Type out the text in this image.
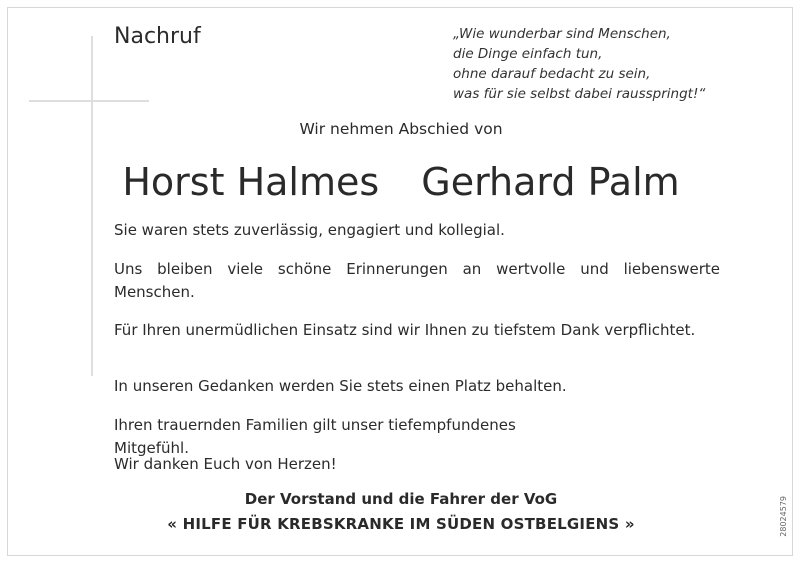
Nachruf	„Wie wunderbar sind Menschen,
die Dinge einfach tun,
ohne darauf bedacht zu sein,
was für sie selbst dabei rausspringt!“
Wir nehmen Abschied von
Horst Halmes Gerhard Palm
Sie waren stets zuverlässig, engagiert und kollegial.
Uns bleiben viele schöne Erinnerungen an wertvolle und liebenswerte Menschen.
Für Ihren unermüdlichen Einsatz sind wir Ihnen zu tiefstem Dank verpflichtet.
In unseren Gedanken werden Sie stets einen Platz behalten.
Ihren trauernden Familien gilt unser tiefempfundenes Mitgefühl.
Wir danken Euch von Herzen!
Der Vorstand und die Fahrer der VoG
« HILFE FÜR KREBSKRANKE IM SÜDEN OSTBELGIENS »	28024579
